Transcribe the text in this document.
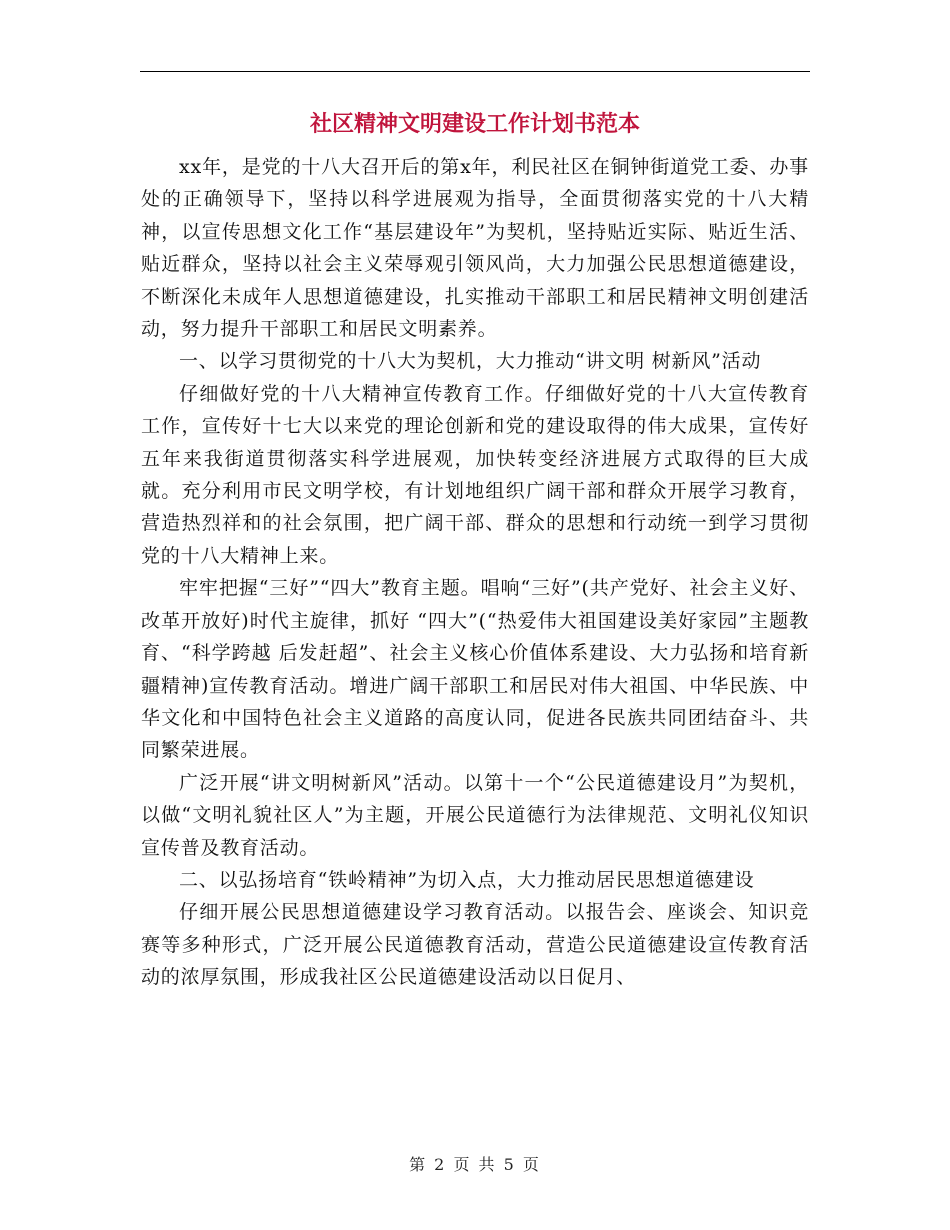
社区精神文明建设工作计划书范本

xx年，是党的十八大召开后的第x年，利民社区在铜钟街道党工委、办事处的正确领导下，坚持以科学进展观为指导，全面贯彻落实党的十八大精神，以宣传思想文化工作“基层建设年”为契机，坚持贴近实际、贴近生活、贴近群众，坚持以社会主义荣辱观引领风尚，大力加强公民思想道德建设，不断深化未成年人思想道德建设，扎实推动干部职工和居民精神文明创建活动，努力提升干部职工和居民文明素养。

一、以学习贯彻党的十八大为契机，大力推动“讲文明 树新风”活动

仔细做好党的十八大精神宣传教育工作。仔细做好党的十八大宣传教育工作，宣传好十七大以来党的理论创新和党的建设取得的伟大成果，宣传好五年来我街道贯彻落实科学进展观，加快转变经济进展方式取得的巨大成就。充分利用市民文明学校，有计划地组织广阔干部和群众开展学习教育，营造热烈祥和的社会氛围，把广阔干部、群众的思想和行动统一到学习贯彻党的十八大精神上来。

牢牢把握“三好”“四大”教育主题。唱响“三好”(共产党好、社会主义好、改革开放好)时代主旋律，抓好 “四大”(“热爱伟大祖国建设美好家园”主题教育、“科学跨越 后发赶超”、社会主义核心价值体系建设、大力弘扬和培育新疆精神)宣传教育活动。增进广阔干部职工和居民对伟大祖国、中华民族、中华文化和中国特色社会主义道路的高度认同，促进各民族共同团结奋斗、共同繁荣进展。

广泛开展“讲文明树新风”活动。以第十一个“公民道德建设月”为契机，以做“文明礼貌社区人”为主题，开展公民道德行为法律规范、文明礼仪知识宣传普及教育活动。

二、以弘扬培育“铁岭精神”为切入点，大力推动居民思想道德建设

仔细开展公民思想道德建设学习教育活动。以报告会、座谈会、知识竞赛等多种形式，广泛开展公民道德教育活动，营造公民道德建设宣传教育活动的浓厚氛围，形成我社区公民道德建设活动以日促月、

第 2 页 共 5 页
